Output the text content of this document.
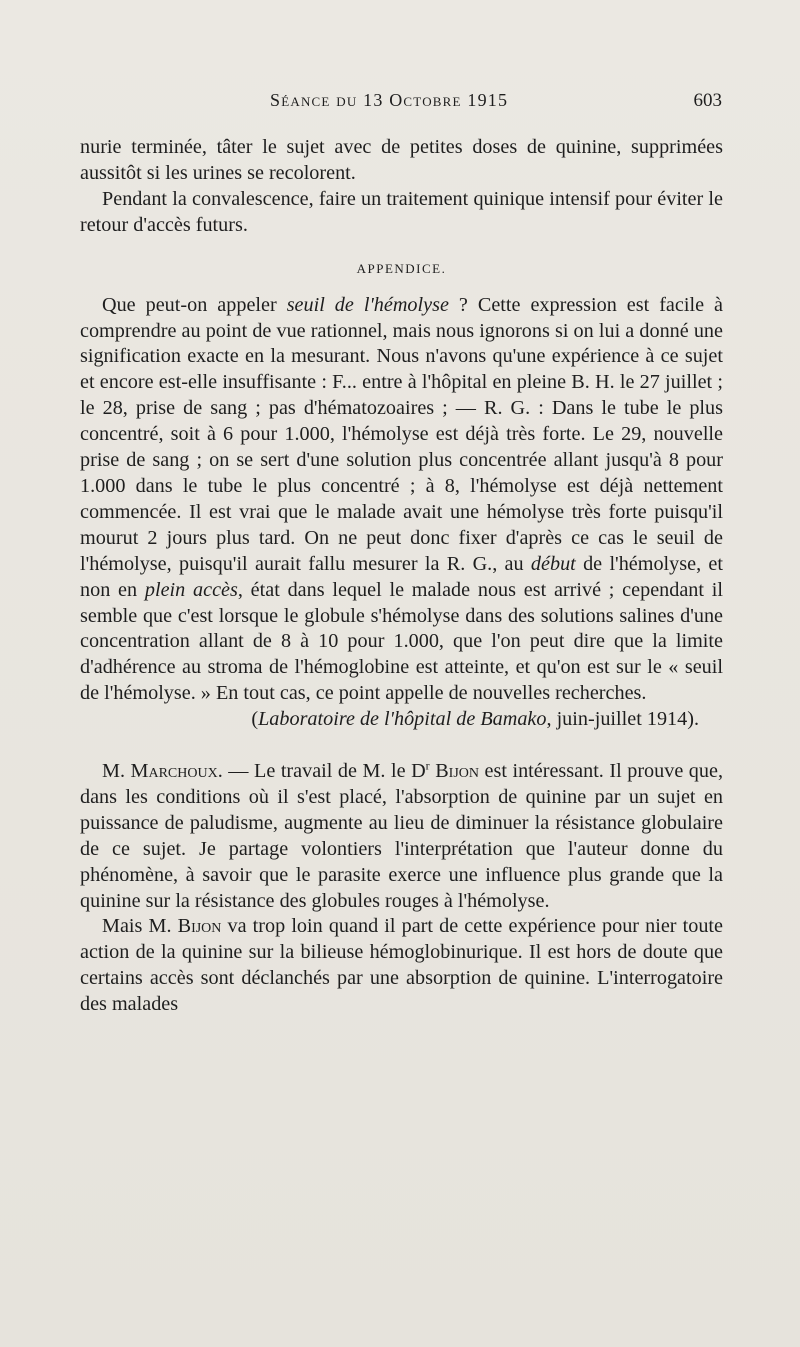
Séance du 13 Octobre 1915	603

nurie terminée, tâter le sujet avec de petites doses de quinine, supprimées aussitôt si les urines se recolorent.

Pendant la convalescence, faire un traitement quinique intensif pour éviter le retour d'accès futurs.

APPENDICE.

Que peut-on appeler seuil de l'hémolyse ? Cette expression est facile à comprendre au point de vue rationnel, mais nous ignorons si on lui a donné une signification exacte en la mesurant. Nous n'avons qu'une expérience à ce sujet et encore est-elle insuffisante : F... entre à l'hôpital en pleine B. H. le 27 juillet ; le 28, prise de sang ; pas d'hématozoaires ; — R. G. : Dans le tube le plus concentré, soit à 6 pour 1.000, l'hémolyse est déjà très forte. Le 29, nouvelle prise de sang ; on se sert d'une solution plus concentrée allant jusqu'à 8 pour 1.000 dans le tube le plus concentré ; à 8, l'hémolyse est déjà nettement commencée. Il est vrai que le malade avait une hémolyse très forte puisqu'il mourut 2 jours plus tard. On ne peut donc fixer d'après ce cas le seuil de l'hémolyse, puisqu'il aurait fallu mesurer la R. G., au début de l'hémolyse, et non en plein accès, état dans lequel le malade nous est arrivé ; cependant il semble que c'est lorsque le globule s'hémolyse dans des solutions salines d'une concentration allant de 8 à 10 pour 1.000, que l'on peut dire que la limite d'adhérence au stroma de l'hémoglobine est atteinte, et qu'on est sur le « seuil de l'hémolyse. » En tout cas, ce point appelle de nouvelles recherches.

(Laboratoire de l'hôpital de Bamako, juin-juillet 1914).

M. Marchoux. — Le travail de M. le $D^r$ Bijon est intéressant. Il prouve que, dans les conditions où il s'est placé, l'absorption de quinine par un sujet en puissance de paludisme, augmente au lieu de diminuer la résistance globulaire de ce sujet. Je partage volontiers l'interprétation que l'auteur donne du phénomène, à savoir que le parasite exerce une influence plus grande que la quinine sur la résistance des globules rouges à l'hémolyse.

Mais M. Bijon va trop loin quand il part de cette expérience pour nier toute action de la quinine sur la bilieuse hémoglobinurique. Il est hors de doute que certains accès sont déclanchés par une absorption de quinine. L'interrogatoire des malades
